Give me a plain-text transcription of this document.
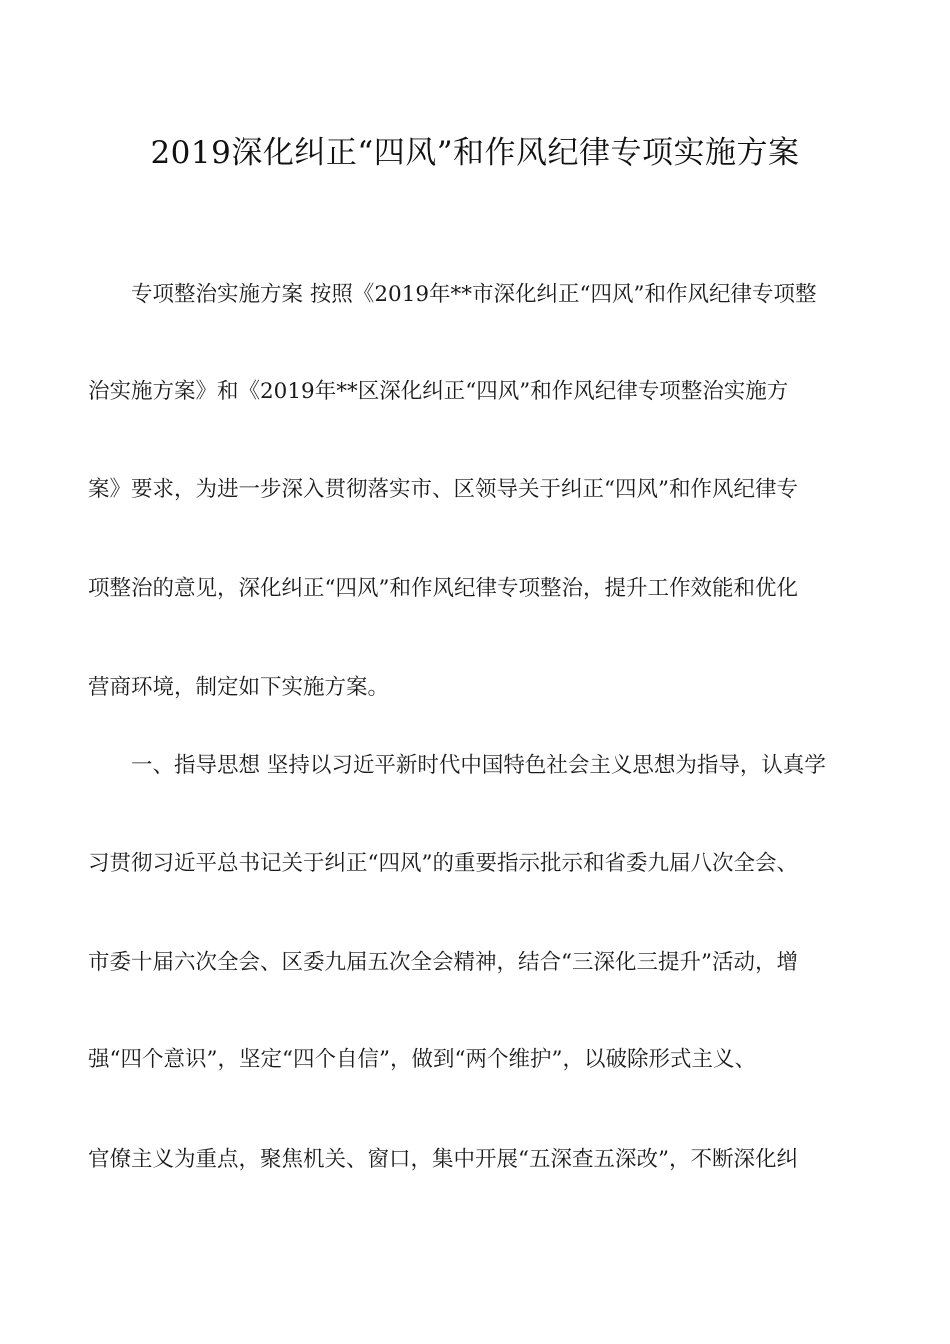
2019深化纠正“四风”和作风纪律专项实施方案
专项整治实施方案 按照《2019年**市深化纠正“四风”和作风纪律专项整
治实施方案》和《2019年**区深化纠正“四风”和作风纪律专项整治实施方
案》要求，为进一步深入贯彻落实市、区领导关于纠正“四风”和作风纪律专
项整治的意见，深化纠正“四风”和作风纪律专项整治，提升工作效能和优化
营商环境，制定如下实施方案。
一、指导思想 坚持以习近平新时代中国特色社会主义思想为指导，认真学
习贯彻习近平总书记关于纠正“四风”的重要指示批示和省委九届八次全会、
市委十届六次全会、区委九届五次全会精神，结合“三深化三提升”活动，增
强“四个意识”，坚定“四个自信”，做到“两个维护”，以破除形式主义、
官僚主义为重点，聚焦机关、窗口，集中开展“五深查五深改”，不断深化纠
